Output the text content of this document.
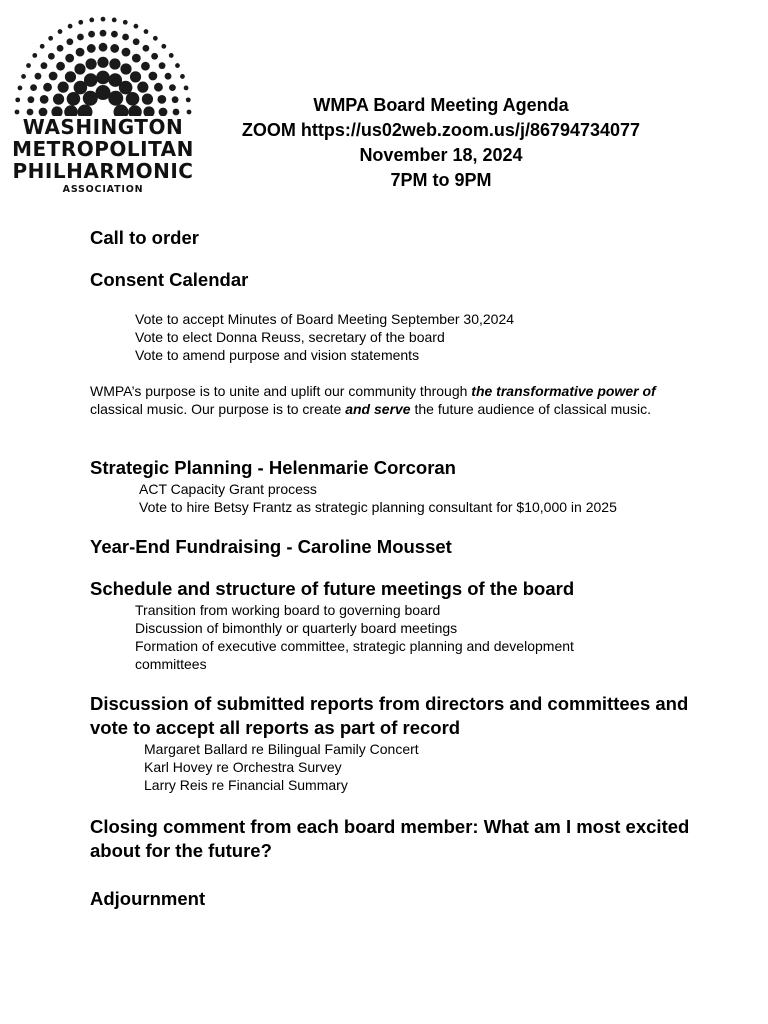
WASHINGTON
METROPOLITAN
PHILHARMONIC
ASSOCIATION
WMPA Board Meeting Agenda
ZOOM https://us02web.zoom.us/j/86794734077
November 18, 2024
7PM to 9PM
Call to order
Consent Calendar
Vote to accept Minutes of Board Meeting September 30,2024
Vote to elect Donna Reuss, secretary of the board
Vote to amend purpose and vision statements

WMPA’s purpose is to unite and uplift our community through the transformative power of classical music. Our purpose is to create and serve the future audience of classical music.

Strategic Planning - Helenmarie Corcoran
ACT Capacity Grant process
Vote to hire Betsy Frantz as strategic planning consultant for $10,000 in 2025
Year-End Fundraising - Caroline Mousset
Schedule and structure of future meetings of the board
Transition from working board to governing board
Discussion of bimonthly or quarterly board meetings
Formation of executive committee, strategic planning and development committees
Discussion of submitted reports from directors and committees and vote to accept all reports as part of record
Margaret Ballard re Bilingual Family Concert
Karl Hovey re Orchestra Survey
Larry Reis re Financial Summary
Closing comment from each board member: What am I most excited about for the future?
Adjournment
